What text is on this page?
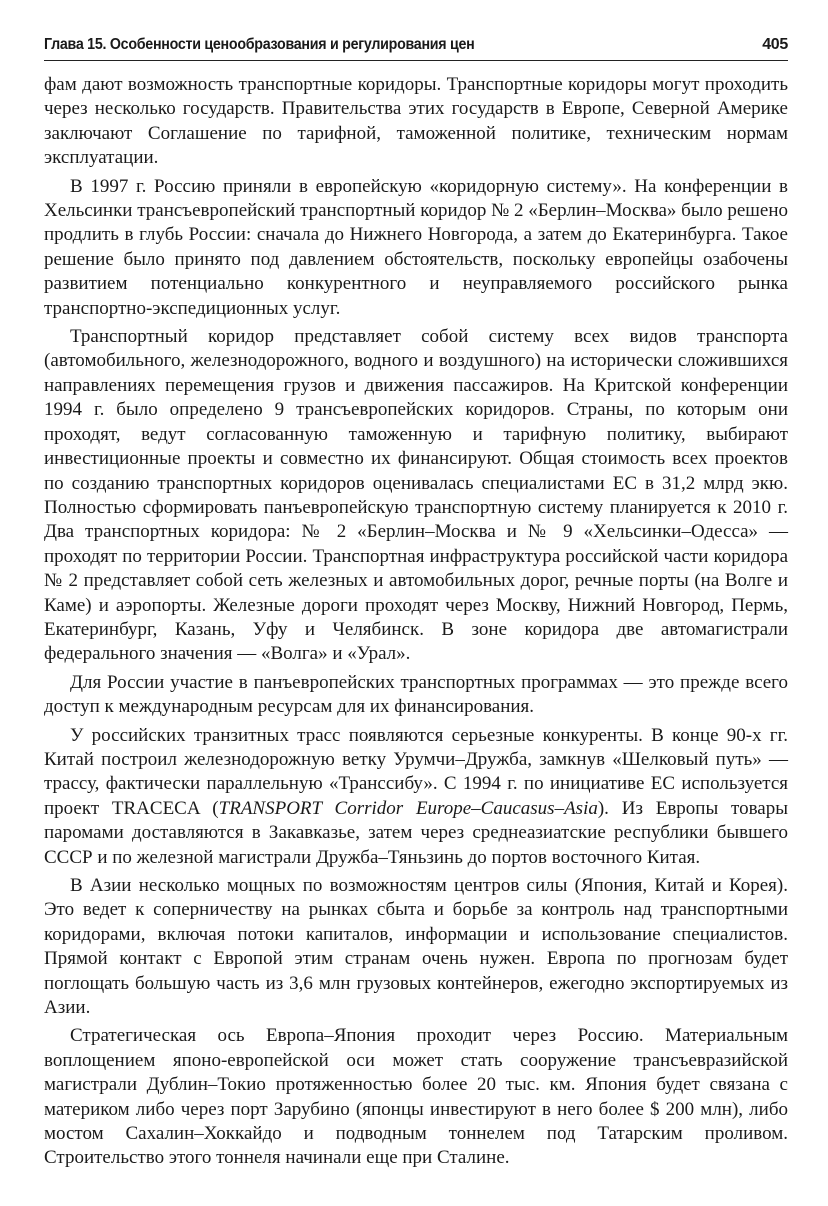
Глава 15. Особенности ценообразования и регулирования цен	405

фам дают возможность транспортные коридоры. Транспортные коридоры могут проходить через несколько государств. Правительства этих государств в Европе, Северной Америке заключают Соглашение по тарифной, таможенной политике, техническим нормам эксплуатации.

В 1997 г. Россию приняли в европейскую «коридорную систему». На конференции в Хельсинки трансъевропейский транспортный коридор № 2 «Берлин–Москва» было решено продлить в глубь России: сначала до Нижнего Новгорода, а затем до Екатеринбурга. Такое решение было принято под давлением обстоятельств, поскольку европейцы озабочены развитием потенциально конкурентного и неуправляемого российского рынка транспортно-экспедиционных услуг.

Транспортный коридор представляет собой систему всех видов транспорта (автомобильного, железнодорожного, водного и воздушного) на исторически сложившихся направлениях перемещения грузов и движения пассажиров. На Критской конференции 1994 г. было определено 9 трансъевропейских коридоров. Страны, по которым они проходят, ведут согласованную таможенную и тарифную политику, выбирают инвестиционные проекты и совместно их финансируют. Общая стоимость всех проектов по созданию транспортных коридоров оценивалась специалистами ЕС в 31,2 млрд экю. Полностью сформировать панъевропейскую транспортную систему планируется к 2010 г. Два транспортных коридора: № 2 «Берлин–Москва и № 9 «Хельсинки–Одесса» — проходят по территории России. Транспортная инфраструктура российской части коридора № 2 представляет собой сеть железных и автомобильных дорог, речные порты (на Волге и Каме) и аэропорты. Железные дороги проходят через Москву, Нижний Новгород, Пермь, Екатеринбург, Казань, Уфу и Челябинск. В зоне коридора две автомагистрали федерального значения — «Волга» и «Урал».

Для России участие в панъевропейских транспортных программах — это прежде всего доступ к международным ресурсам для их финансирования.

У российских транзитных трасс появляются серьезные конкуренты. В конце 90-х гг. Китай построил железнодорожную ветку Урумчи–Дружба, замкнув «Шелковый путь» — трассу, фактически параллельную «Транссибу». С 1994 г. по инициативе ЕС используется проект TRACECA (TRANSPORT Corridor Europe–Caucasus–Asia). Из Европы товары паромами доставляются в Закавказье, затем через среднеазиатские республики бывшего СССР и по железной магистрали Дружба–Тяньзинь до портов восточного Китая.

В Азии несколько мощных по возможностям центров силы (Япония, Китай и Корея). Это ведет к соперничеству на рынках сбыта и борьбе за контроль над транспортными коридорами, включая потоки капиталов, информации и использование специалистов. Прямой контакт с Европой этим странам очень нужен. Европа по прогнозам будет поглощать большую часть из 3,6 млн грузовых контейнеров, ежегодно экспортируемых из Азии.

Стратегическая ось Европа–Япония проходит через Россию. Материальным воплощением японо-европейской оси может стать сооружение трансъевразийской магистрали Дублин–Токио протяженностью более 20 тыс. км. Япония будет связана с материком либо через порт Зарубино (японцы инвестируют в него более $ 200 млн), либо мостом Сахалин–Хоккайдо и подводным тоннелем под Татарским проливом. Строительство этого тоннеля начинали еще при Сталине.
